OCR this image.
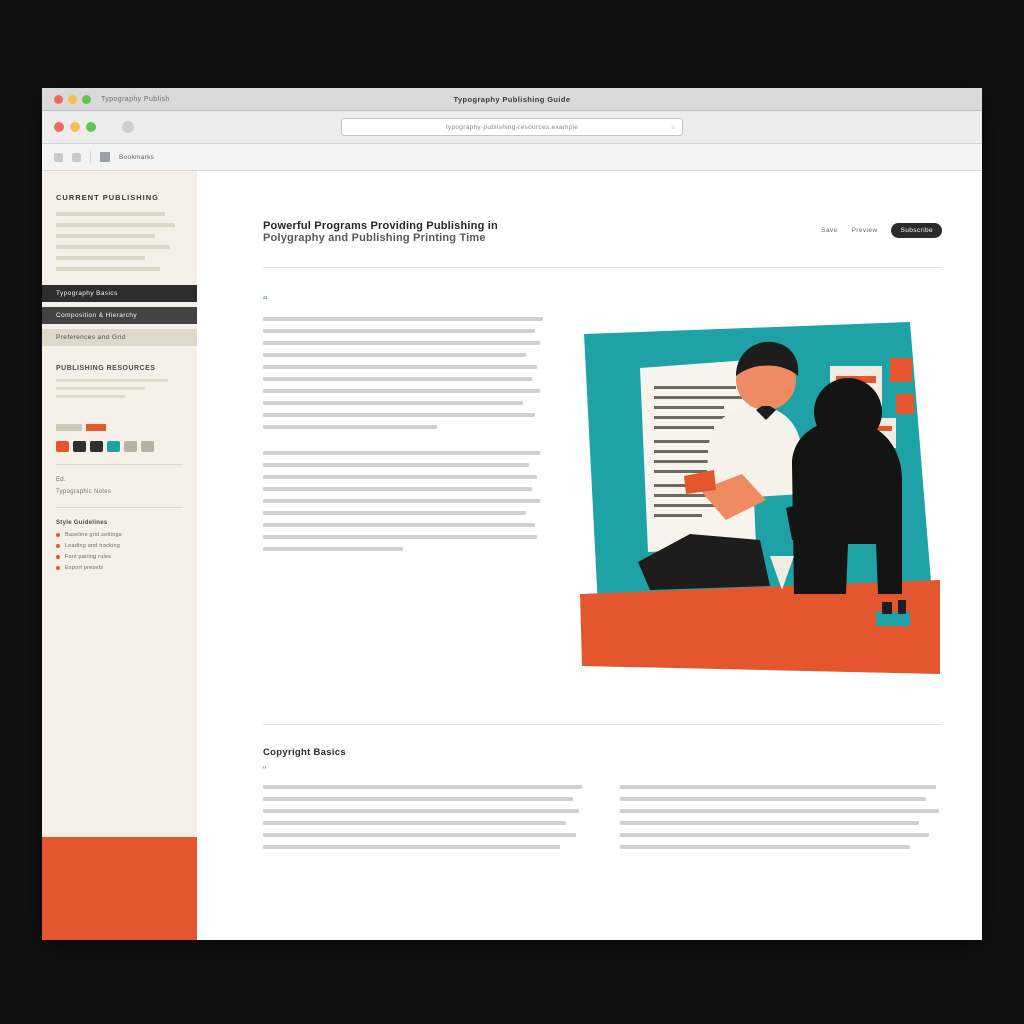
Typography Publish	Typography Publishing Guide
typography-publishing-resources.example	☆
Bookmarks
CURRENT PUBLISHING
Typography Basics
Composition & Hierarchy
Preferences and Grid
PUBLISHING RESOURCES
Ed.
Typographic Notes
Style Guidelines
Baseline grid settings
Leading and tracking
Font pairing rules
Export presets
Powerful Programs Providing Publishing in
Polygraphy and Publishing Printing Time
Save Preview	Subscribe
“
Copyright Basics
“
